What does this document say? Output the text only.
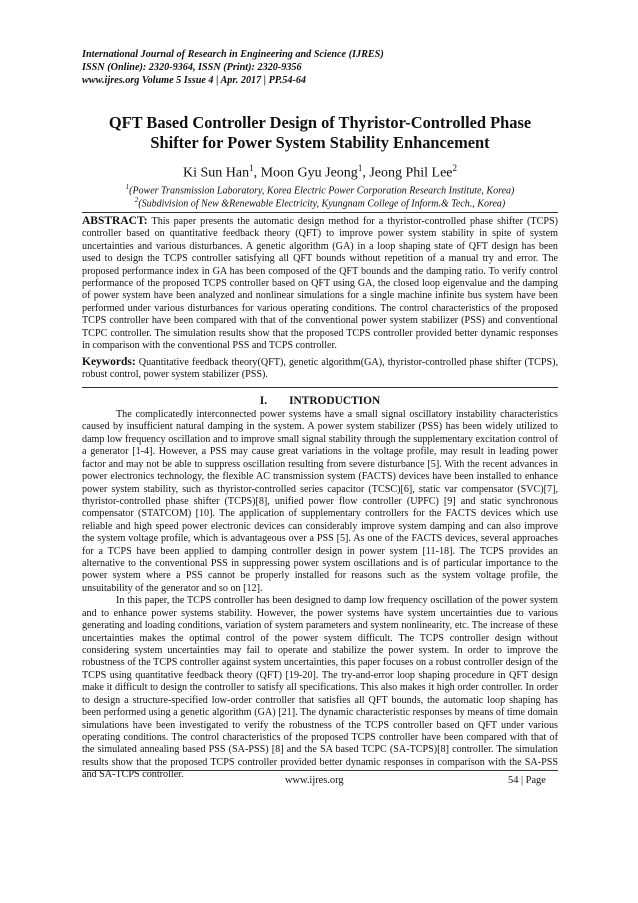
International Journal of Research in Engineering and Science (IJRES)
ISSN (Online): 2320-9364, ISSN (Print): 2320-9356
www.ijres.org Volume 5 Issue 4 | Apr. 2017 | PP.54-64
QFT Based Controller Design of Thyristor-Controlled Phase
Shifter for Power System Stability Enhancement
Ki Sun Han$^1$, Moon Gyu Jeong$^1$, Jeong Phil Lee$^2$
$^1$(Power Transmission Laboratory, Korea Electric Power Corporation Research Institute, Korea)
$^2$(Subdivision of New &Renewable Electricity, Kyungnam College of Inform.& Tech., Korea)
ABSTRACT: This paper presents the automatic design method for a thyristor-controlled phase shifter (TCPS) controller based on quantitative feedback theory (QFT) to improve power system stability in spite of system uncertainties and various disturbances. A genetic algorithm (GA) in a loop shaping state of QFT design has been used to design the TCPS controller satisfying all QFT bounds without repetition of a manual try and error. The proposed performance index in GA has been composed of the QFT bounds and the damping ratio. To verify control performance of the proposed TCPS controller based on QFT using GA, the closed loop eigenvalue and the damping of power system have been analyzed and nonlinear simulations for a single machine infinite bus system have been performed under various disturbances for various operating conditions. The control characteristics of the proposed TCPS controller have been compared with that of the conventional power system stabilizer (PSS) and conventional TCPC controller. The simulation results show that the proposed TCPS controller provided better dynamic responses in comparison with the conventional PSS and TCPS controller.
Keywords: Quantitative feedback theory(QFT), genetic algorithm(GA), thyristor-controlled phase shifter (TCPS), robust control, power system stabilizer (PSS).
I. INTRODUCTION

The complicatedly interconnected power systems have a small signal oscillatory instability characteristics caused by insufficient natural damping in the system. A power system stabilizer (PSS) has been widely utilized to damp low frequency oscillation and to improve small signal stability through the supplementary excitation control of a generator [1-4]. However, a PSS may cause great variations in the voltage profile, may result in leading power factor and may not be able to suppress oscillation resulting from severe disturbance [5]. With the recent advances in power electronics technology, the flexible AC transmission system (FACTS) devices have been installed to enhance power system stability, such as thyristor-controlled series capacitor (TCSC)[6], static var compensator (SVC)[7], thyristor-controlled phase shifter (TCPS)[8], unified power flow controller (UPFC) [9] and static synchronous compensator (STATCOM) [10]. The application of supplementary controllers for the FACTS devices which use reliable and high speed power electronic devices can considerably improve system damping and can also improve the system voltage profile, which is advantageous over a PSS [5]. As one of the FACTS devices, several approaches for a TCPS have been applied to damping controller design in power system [11-18]. The TCPS provides an alternative to the conventional PSS in suppressing power system oscillations and is of particular importance to the power system where a PSS cannot be properly installed for reasons such as the system voltage profile, the unsuitability of the generator and so on [12].

In this paper, the TCPS controller has been designed to damp low frequency oscillation of the power system and to enhance power systems stability. However, the power systems have system uncertainties due to various generating and loading conditions, variation of system parameters and system nonlinearity, etc. The increase of these uncertainties makes the optimal control of the power system difficult. The TCPS controller design without considering system uncertainties may fail to operate and stabilize the power system. In order to improve the robustness of the TCPS controller against system uncertainties, this paper focuses on a robust controller design of the TCPS using quantitative feedback theory (QFT) [19-20]. The try-and-error loop shaping procedure in QFT design make it difficult to design the controller to satisfy all specifications. This also makes it high order controller. In order to design a structure-specified low-order controller that satisfies all QFT bounds, the automatic loop shaping has been performed using a genetic algorithm (GA) [21]. The dynamic characteristic responses by means of time domain simulations have been investigated to verify the robustness of the TCPS controller based on QFT under various operating conditions. The control characteristics of the proposed TCPS controller have been compared with that of the simulated annealing based PSS (SA-PSS) [8] and the SA based TCPC (SA-TCPS)[8] controller. The simulation results show that the proposed TCPS controller provided better dynamic responses in comparison with the SA-PSS and SA-TCPS controller.

www.ijres.org	54 | Page
